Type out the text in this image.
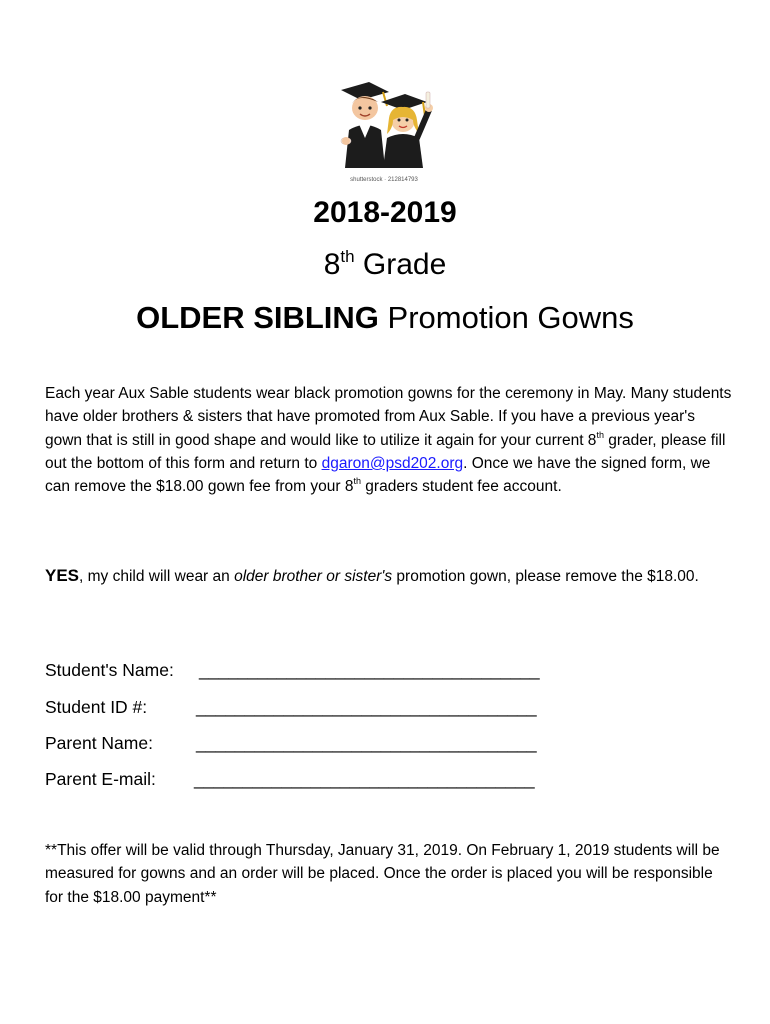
shutterstock · 212814793
2018-2019
8th Grade
OLDER SIBLING Promotion Gowns

Each year Aux Sable students wear black promotion gowns for the ceremony in May. Many students have older brothers & sisters that have promoted from Aux Sable. If you have a previous year's gown that is still in good shape and would like to utilize it again for your current 8th grader, please fill out the bottom of this form and return to dgaron@psd202.org. Once we have the signed form, we can remove the $18.00 gown fee from your 8th graders student fee account.

YES, my child will wear an older brother or sister's promotion gown, please remove the $18.00.

Student's Name: ___________________________________
Student ID #:	___________________________________
Parent Name: ___________________________________
Parent E-mail: ___________________________________

**This offer will be valid through Thursday, January 31, 2019. On February 1, 2019 students will be measured for gowns and an order will be placed. Once the order is placed you will be responsible for the $18.00 payment**
